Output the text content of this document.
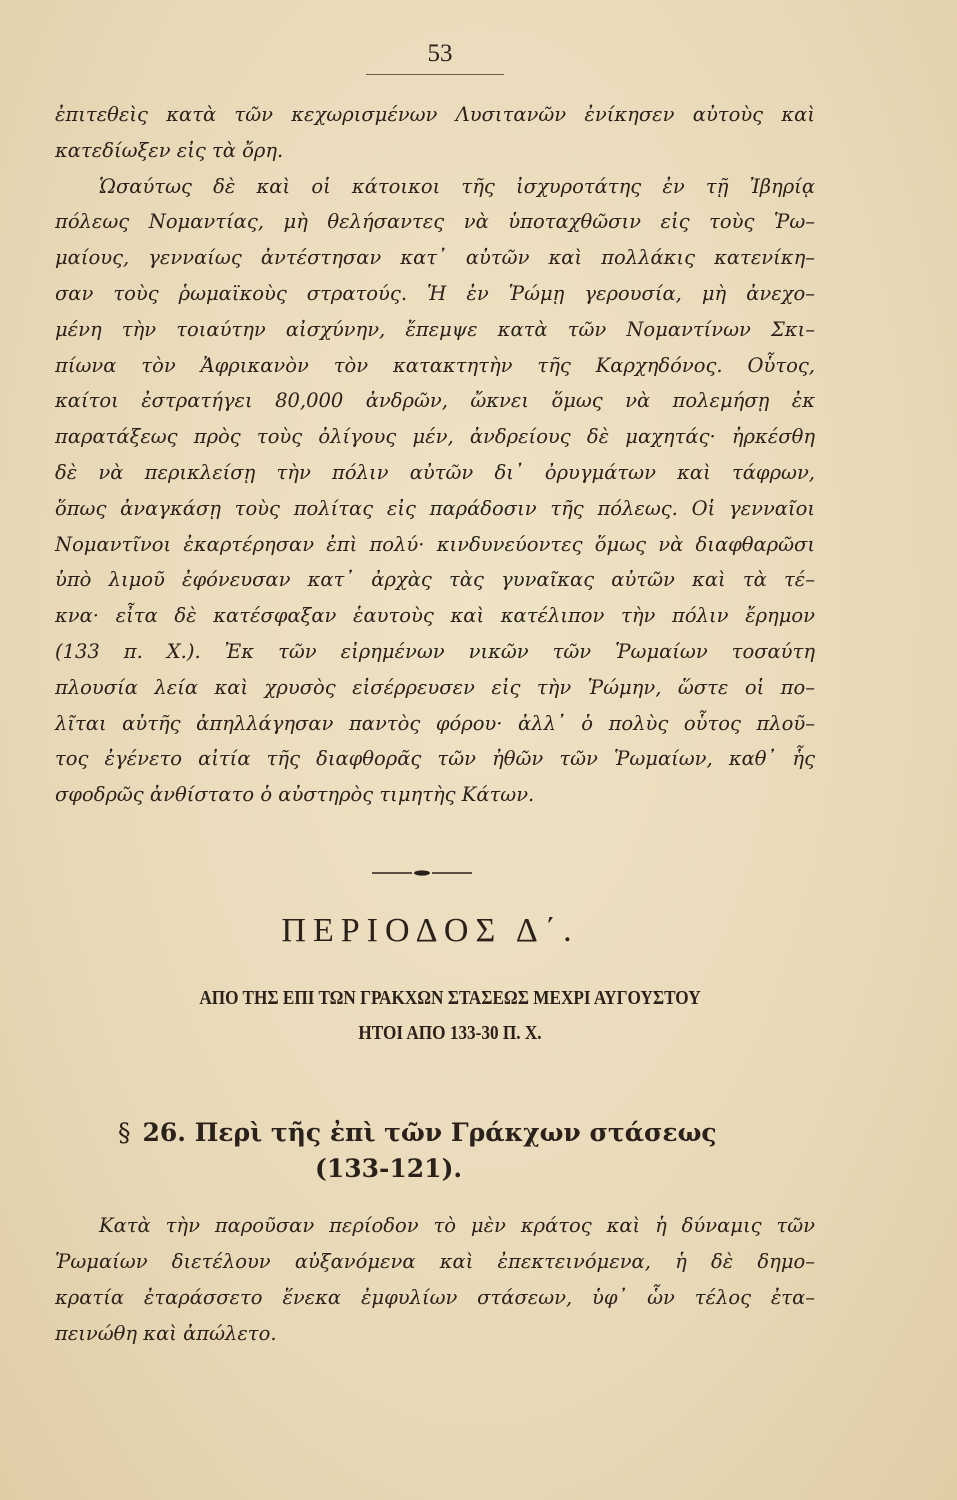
53
ἐπιτεθεὶς κατὰ τῶν κεχωρισμένων Λυσιτανῶν ἐνίκησεν αὐτοὺς καὶ
κατεδίωξεν εἰς τὰ ὄρη.
Ὡσαύτως δὲ καὶ οἱ κάτοικοι τῆς ἰσχυροτάτης ἐν τῇ Ἰβηρίᾳ
πόλεως Νομαντίας, μὴ θελήσαντες νὰ ὑποταχθῶσιν εἰς τοὺς Ῥω–
μαίους, γενναίως ἀντέστησαν κατ᾽ αὐτῶν καὶ πολλάκις κατενίκη–
σαν τοὺς ῥωμαϊκοὺς στρατούς. Ἡ ἐν Ῥώμῃ γερουσία, μὴ ἀνεχο–
μένη τὴν τοιαύτην αἰσχύνην, ἔπεμψε κατὰ τῶν Νομαντίνων Σκι–
πίωνα τὸν Ἀφρικανὸν τὸν κατακτητὴν τῆς Καρχηδόνος. Οὗτος,
καίτοι ἐστρατήγει 80,000 ἀνδρῶν, ὤκνει ὅμως νὰ πολεμήσῃ ἐκ
παρατάξεως πρὸς τοὺς ὀλίγους μέν, ἀνδρείους δὲ μαχητάς· ἠρκέσθη
δὲ νὰ περικλείσῃ τὴν πόλιν αὐτῶν δι᾽ ὀρυγμάτων καὶ τάφρων,
ὅπως ἀναγκάσῃ τοὺς πολίτας εἰς παράδοσιν τῆς πόλεως. Οἱ γενναῖοι
Νομαντῖνοι ἐκαρτέρησαν ἐπὶ πολύ· κινδυνεύοντες ὅμως νὰ διαφθαρῶσι
ὑπὸ λιμοῦ ἐφόνευσαν κατ᾽ ἀρχὰς τὰς γυναῖκας αὐτῶν καὶ τὰ τέ–
κνα· εἶτα δὲ κατέσφαξαν ἑαυτοὺς καὶ κατέλιπον τὴν πόλιν ἔρημον
(133 π. Χ.). Ἐκ τῶν εἰρημένων νικῶν τῶν Ῥωμαίων τοσαύτη
πλουσία λεία καὶ χρυσὸς εἰσέρρευσεν εἰς τὴν Ῥώμην, ὥστε οἱ πο–
λῖται αὐτῆς ἀπηλλάγησαν παντὸς φόρου· ἀλλ᾽ ὁ πολὺς οὗτος πλοῦ–
τος ἐγένετο αἰτία τῆς διαφθορᾶς τῶν ἠθῶν τῶν Ῥωμαίων, καθ᾽ ἧς
σφοδρῶς ἀνθίστατο ὁ αὐστηρὸς τιμητὴς Κάτων.
ΠΕΡΙΟΔΟΣ Δ΄.
ΑΠΟ ΤΗΣ ΕΠΙ ΤΩΝ ΓΡΑΚΧΩΝ ΣΤΑΣΕΩΣ ΜΕΧΡΙ ΑΥΓΟΥΣΤΟΥ
ΗΤΟΙ ΑΠΟ 133-30 Π. Χ.
§ 26. Περὶ τῆς ἐπὶ τῶν Γράκχων στάσεως
(133-121).
Κατὰ τὴν παροῦσαν περίοδον τὸ μὲν κράτος καὶ ἡ δύναμις τῶν
Ῥωμαίων διετέλουν αὐξανόμενα καὶ ἐπεκτεινόμενα, ἡ δὲ δημο–
κρατία ἐταράσσετο ἕνεκα ἐμφυλίων στάσεων, ὑφ᾽ ὧν τέλος ἐτα–
πεινώθη καὶ ἀπώλετο.
